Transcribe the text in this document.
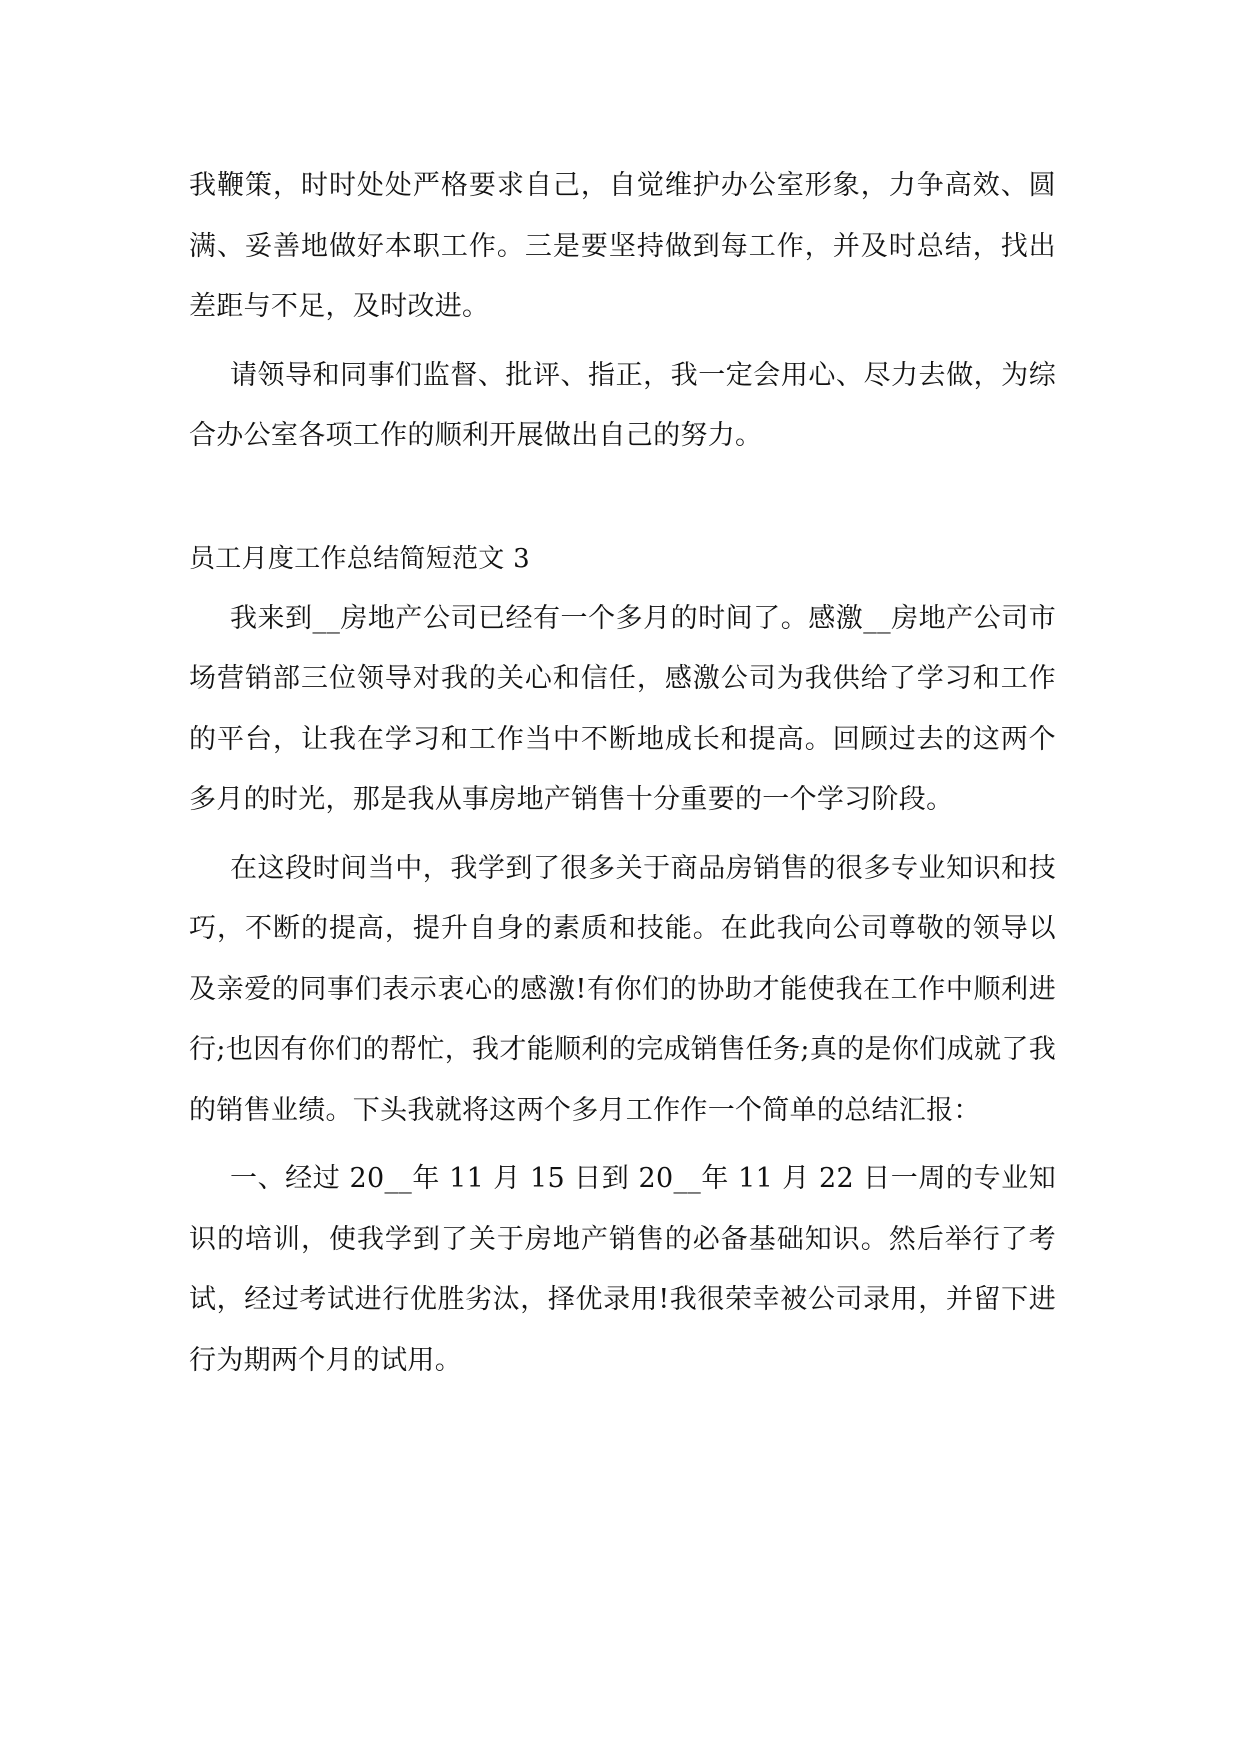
我鞭策，时时处处严格要求自己，自觉维护办公室形象，力争高效、圆满、妥善地做好本职工作。三是要坚持做到每工作，并及时总结，找出差距与不足，及时改进。

请领导和同事们监督、批评、指正，我一定会用心、尽力去做，为综合办公室各项工作的顺利开展做出自己的努力。

员工月度工作总结简短范文 3

我来到__房地产公司已经有一个多月的时间了。感激__房地产公司市场营销部三位领导对我的关心和信任，感激公司为我供给了学习和工作的平台，让我在学习和工作当中不断地成长和提高。回顾过去的这两个多月的时光，那是我从事房地产销售十分重要的一个学习阶段。

在这段时间当中，我学到了很多关于商品房销售的很多专业知识和技巧，不断的提高，提升自身的素质和技能。在此我向公司尊敬的领导以及亲爱的同事们表示衷心的感激!有你们的协助才能使我在工作中顺利进行;也因有你们的帮忙，我才能顺利的完成销售任务;真的是你们成就了我的销售业绩。下头我就将这两个多月工作作一个简单的总结汇报：

一、经过 20__年 11 月 15 日到 20__年 11 月 22 日一周的专业知识的培训，使我学到了关于房地产销售的必备基础知识。然后举行了考试，经过考试进行优胜劣汰，择优录用!我很荣幸被公司录用，并留下进行为期两个月的试用。
